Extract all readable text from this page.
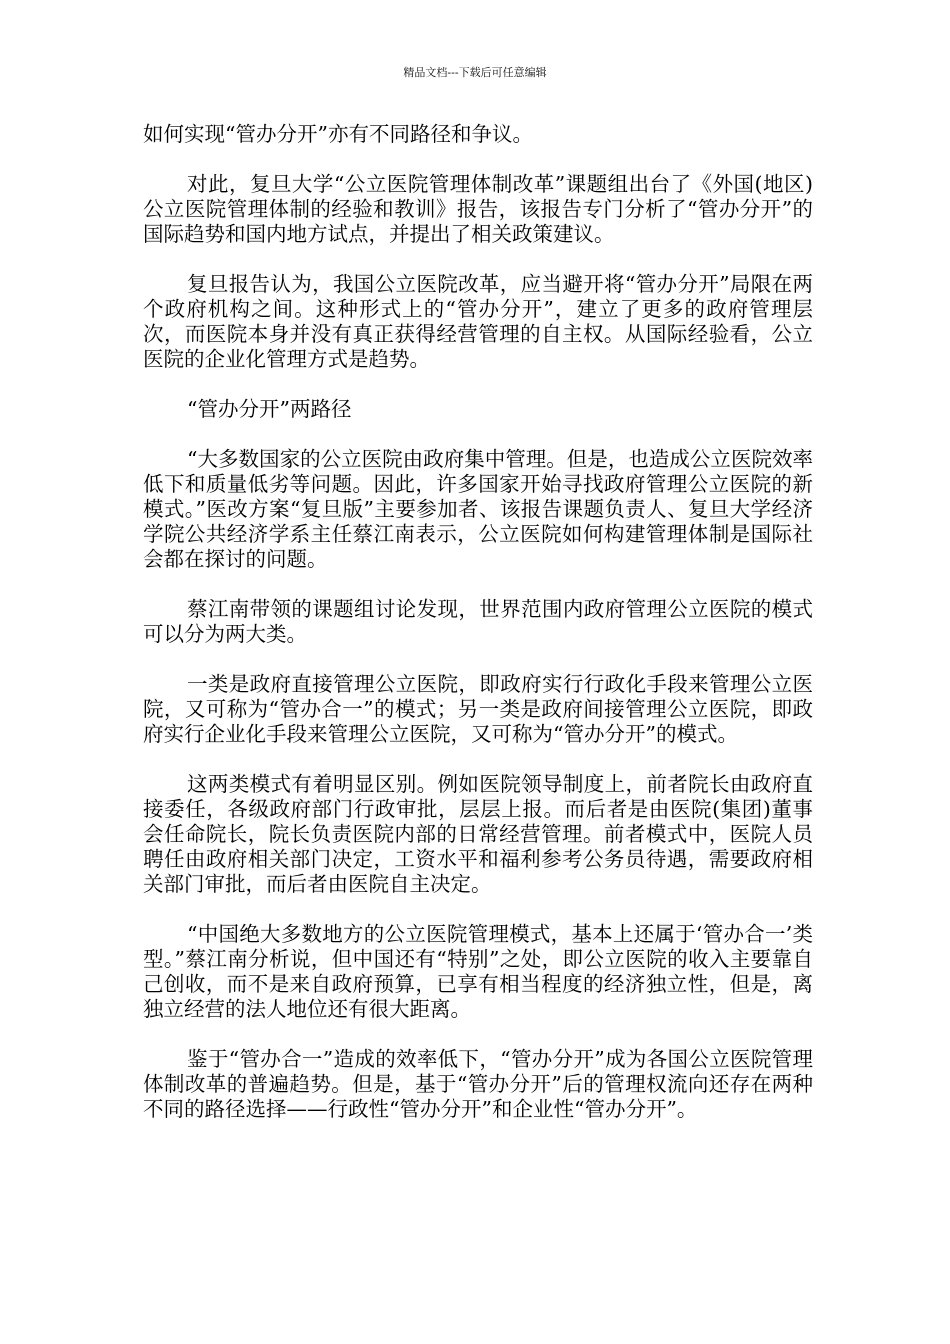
精品文档---下载后可任意编辑

如何实现“管办分开”亦有不同路径和争议。

对此，复旦大学“公立医院管理体制改革”课题组出台了《外国(地区)公立医院管理体制的经验和教训》报告，该报告专门分析了“管办分开”的国际趋势和国内地方试点，并提出了相关政策建议。

复旦报告认为，我国公立医院改革，应当避开将“管办分开”局限在两个政府机构之间。这种形式上的“管办分开”，建立了更多的政府管理层次，而医院本身并没有真正获得经营管理的自主权。从国际经验看，公立医院的企业化管理方式是趋势。

“管办分开”两路径

“大多数国家的公立医院由政府集中管理。但是，也造成公立医院效率低下和质量低劣等问题。因此，许多国家开始寻找政府管理公立医院的新模式。”医改方案“复旦版”主要参加者、该报告课题负责人、复旦大学经济学院公共经济学系主任蔡江南表示，公立医院如何构建管理体制是国际社会都在探讨的问题。

蔡江南带领的课题组讨论发现，世界范围内政府管理公立医院的模式可以分为两大类。

一类是政府直接管理公立医院，即政府实行行政化手段来管理公立医院，又可称为“管办合一”的模式；另一类是政府间接管理公立医院，即政府实行企业化手段来管理公立医院，又可称为“管办分开”的模式。

这两类模式有着明显区别。例如医院领导制度上，前者院长由政府直接委任，各级政府部门行政审批，层层上报。而后者是由医院(集团)董事会任命院长，院长负责医院内部的日常经营管理。前者模式中，医院人员聘任由政府相关部门决定，工资水平和福利参考公务员待遇，需要政府相关部门审批，而后者由医院自主决定。

“中国绝大多数地方的公立医院管理模式，基本上还属于‘管办合一’类型。”蔡江南分析说，但中国还有“特别”之处，即公立医院的收入主要靠自己创收，而不是来自政府预算，已享有相当程度的经济独立性，但是，离独立经营的法人地位还有很大距离。

鉴于“管办合一”造成的效率低下，“管办分开”成为各国公立医院管理体制改革的普遍趋势。但是，基于“管办分开”后的管理权流向还存在两种不同的路径选择——行政性“管办分开”和企业性“管办分开”。
